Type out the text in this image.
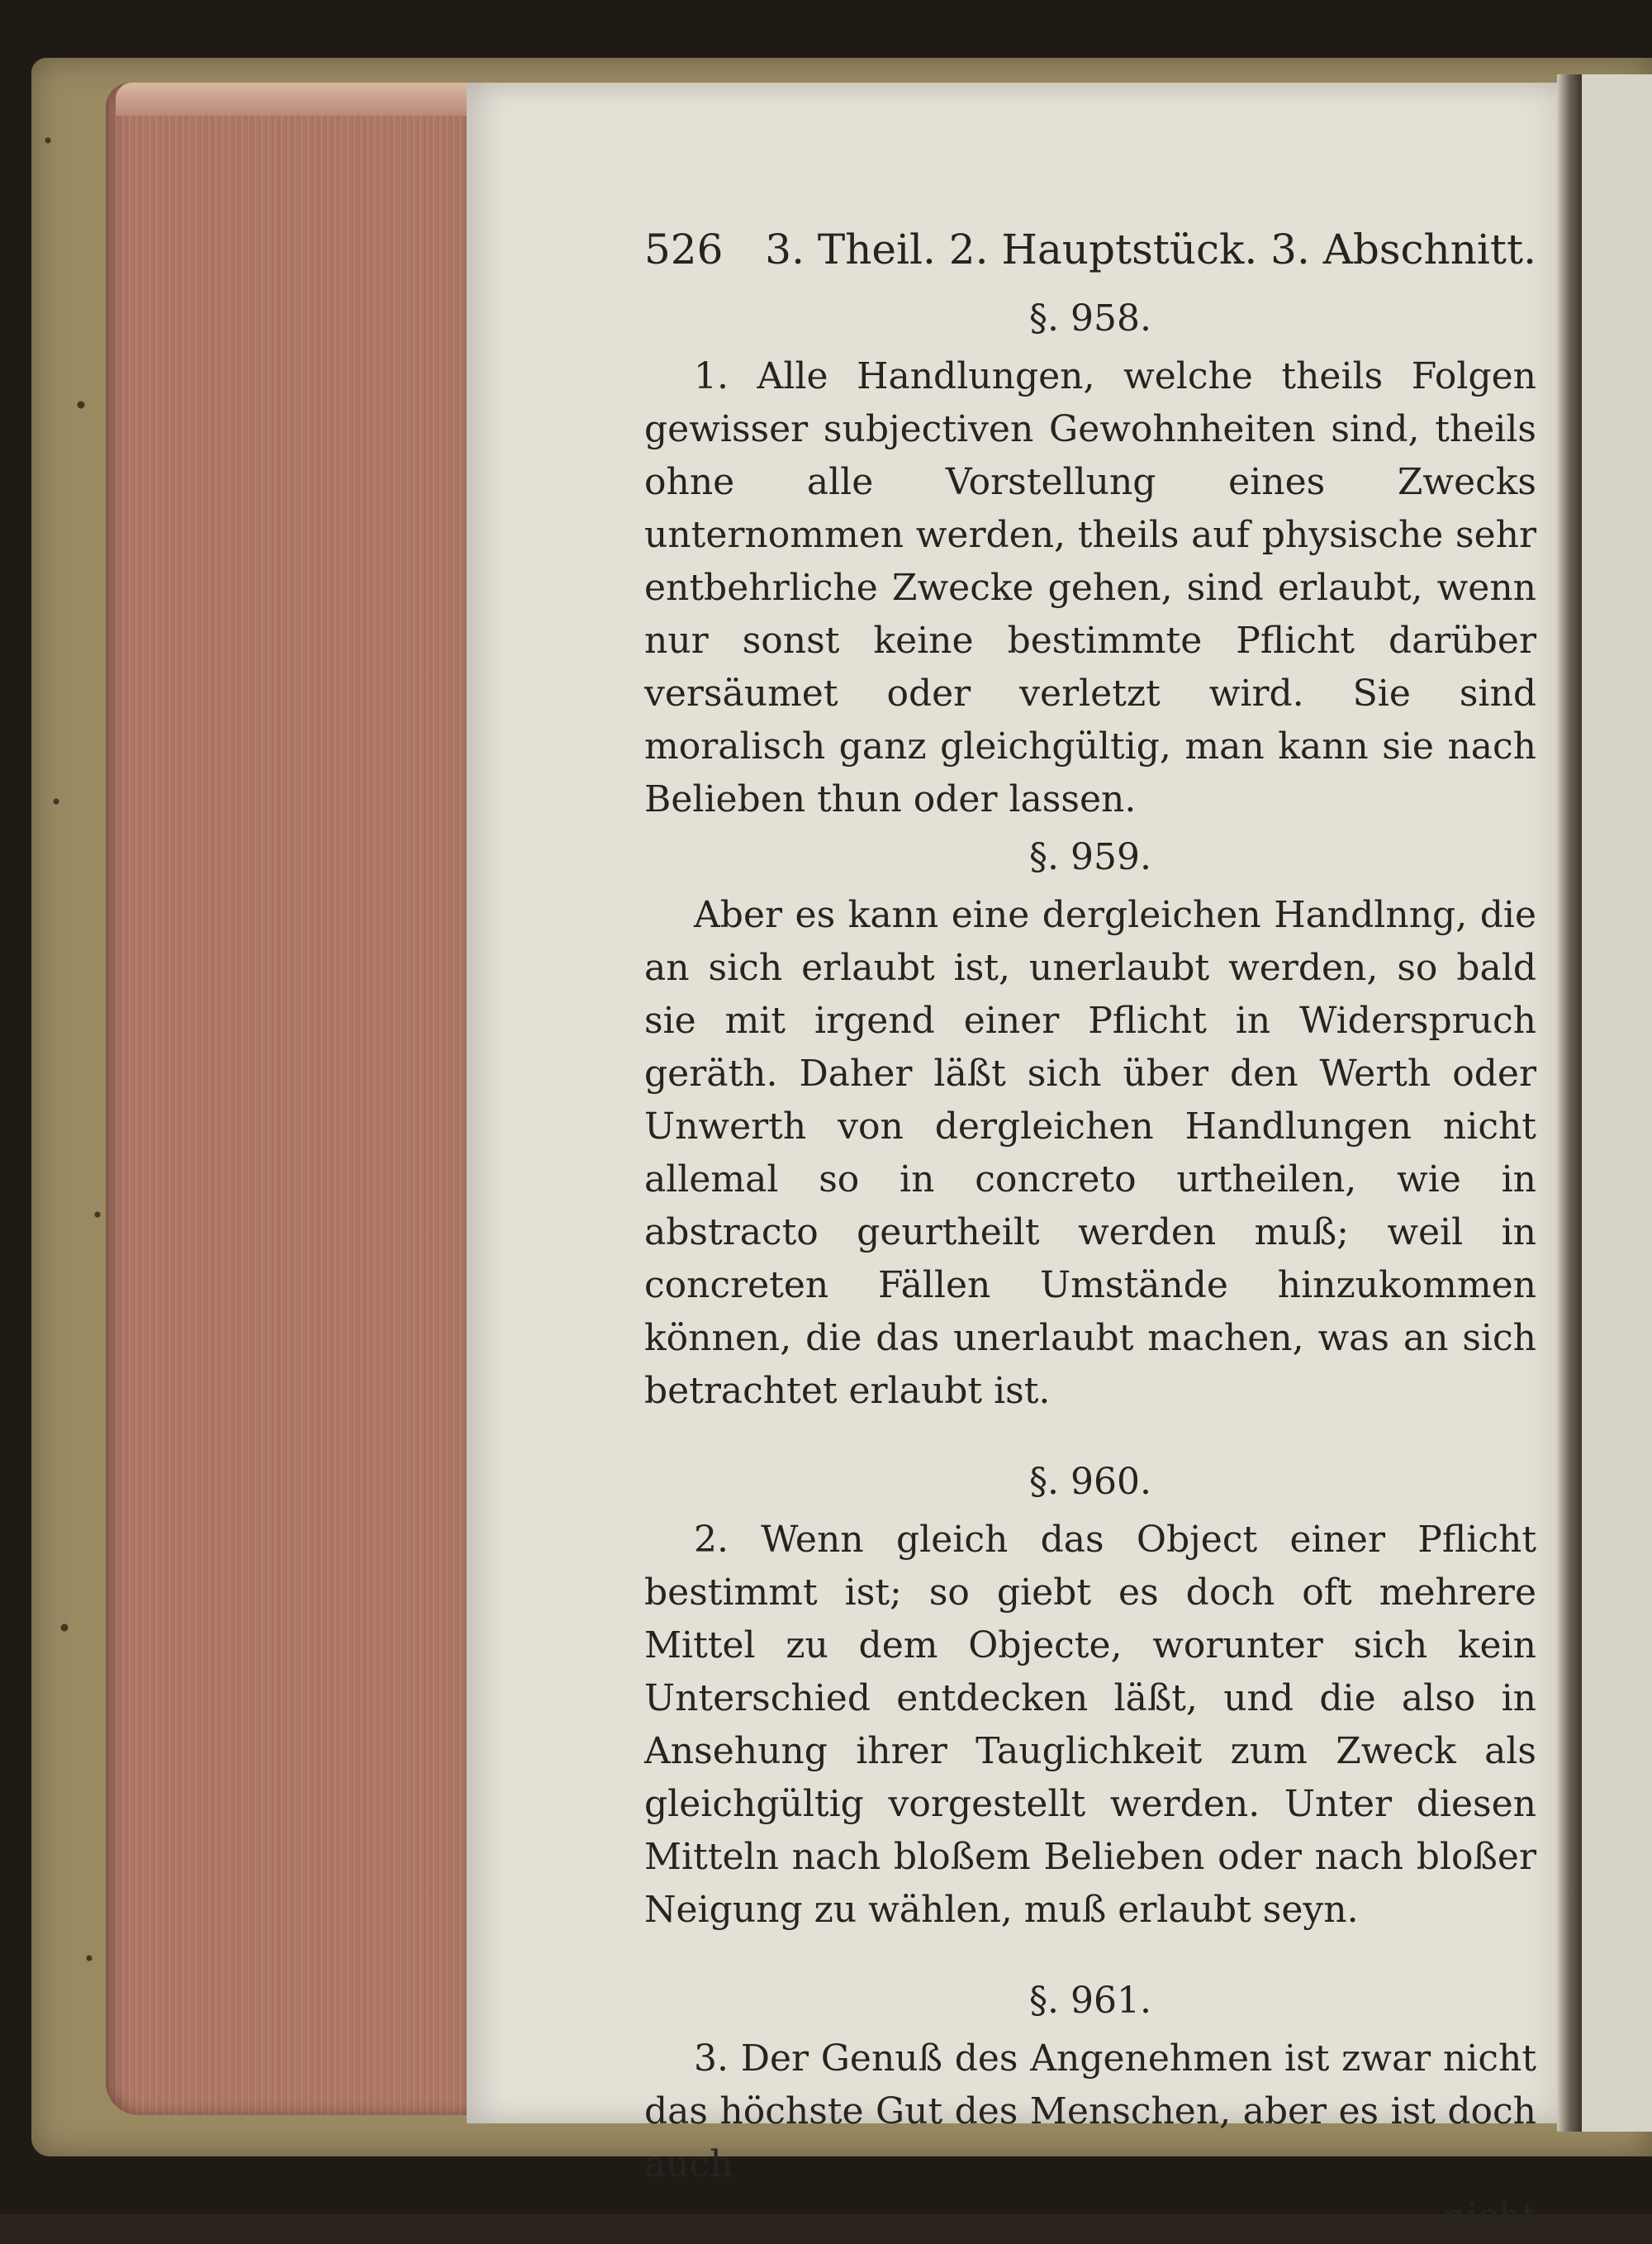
526 3. Theil. 2. Hauptstück. 3. Abschnitt.
§. 958.

1. Alle Handlungen, welche theils Folgen gewisser subjectiven Gewohnheiten sind, theils ohne alle Vorstellung eines Zwecks unternommen werden, theils auf physische sehr entbehrliche Zwecke gehen, sind erlaubt, wenn nur sonst keine bestimmte Pflicht darüber versäumet oder verletzt wird. Sie sind moralisch ganz gleichgültig, man kann sie nach Belieben thun oder lassen.

§. 959.

Aber es kann eine dergleichen Handlnng, die an sich erlaubt ist, unerlaubt werden, so bald sie mit irgend einer Pflicht in Widerspruch geräth. Daher läßt sich über den Werth oder Unwerth von dergleichen Handlungen nicht allemal so in concreto urtheilen, wie in abstracto geurtheilt werden muß; weil in concreten Fällen Umstände hinzukommen können, die das unerlaubt machen, was an sich betrachtet erlaubt ist.

§. 960.

2. Wenn gleich das Object einer Pflicht bestimmt ist; so giebt es doch oft mehrere Mittel zu dem Objecte, worunter sich kein Unterschied entdecken läßt, und die also in Ansehung ihrer Tauglichkeit zum Zweck als gleichgültig vorgestellt werden. Unter diesen Mitteln nach bloßem Belieben oder nach bloßer Neigung zu wählen, muß erlaubt seyn.

§. 961.

3. Der Genuß des Angenehmen ist zwar nicht das höchste Gut des Menschen, aber es ist doch auch

nicht
